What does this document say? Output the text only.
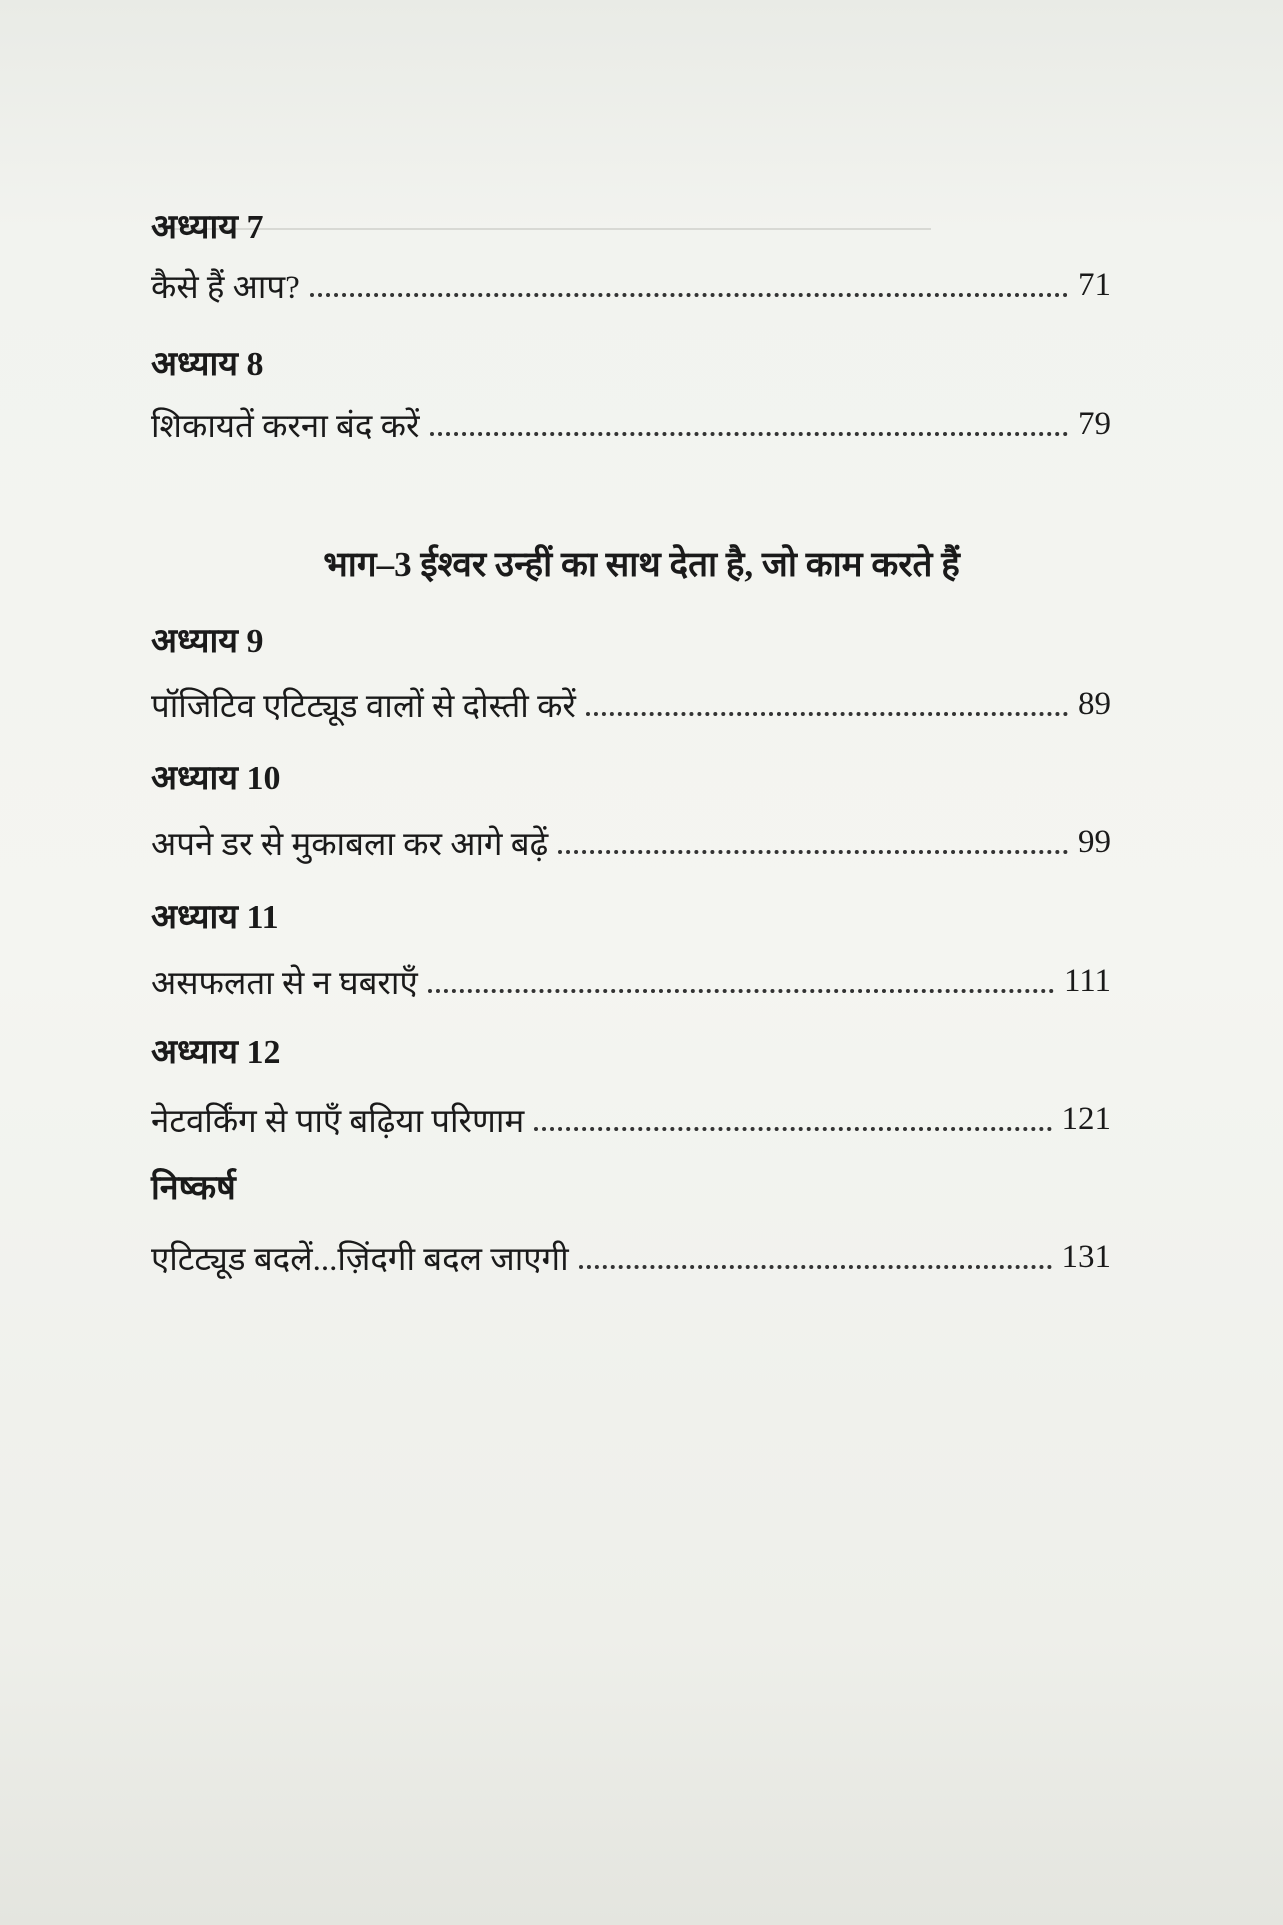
अध्याय 7
कैसे हैं आप?	71
अध्याय 8
शिकायतें करना बंद करें	79
भाग–3 ईश्वर उन्हीं का साथ देता है, जो काम करते हैं
अध्याय 9
पॉजिटिव एटिट्यूड वालों से दोस्ती करें	89
अध्याय 10
अपने डर से मुकाबला कर आगे बढ़ें	99
अध्याय 11
असफलता से न घबराएँ	111
अध्याय 12
नेटवर्किंग से पाएँ बढ़िया परिणाम	121
निष्कर्ष
एटिट्यूड बदलें...ज़िंदगी बदल जाएगी	131
